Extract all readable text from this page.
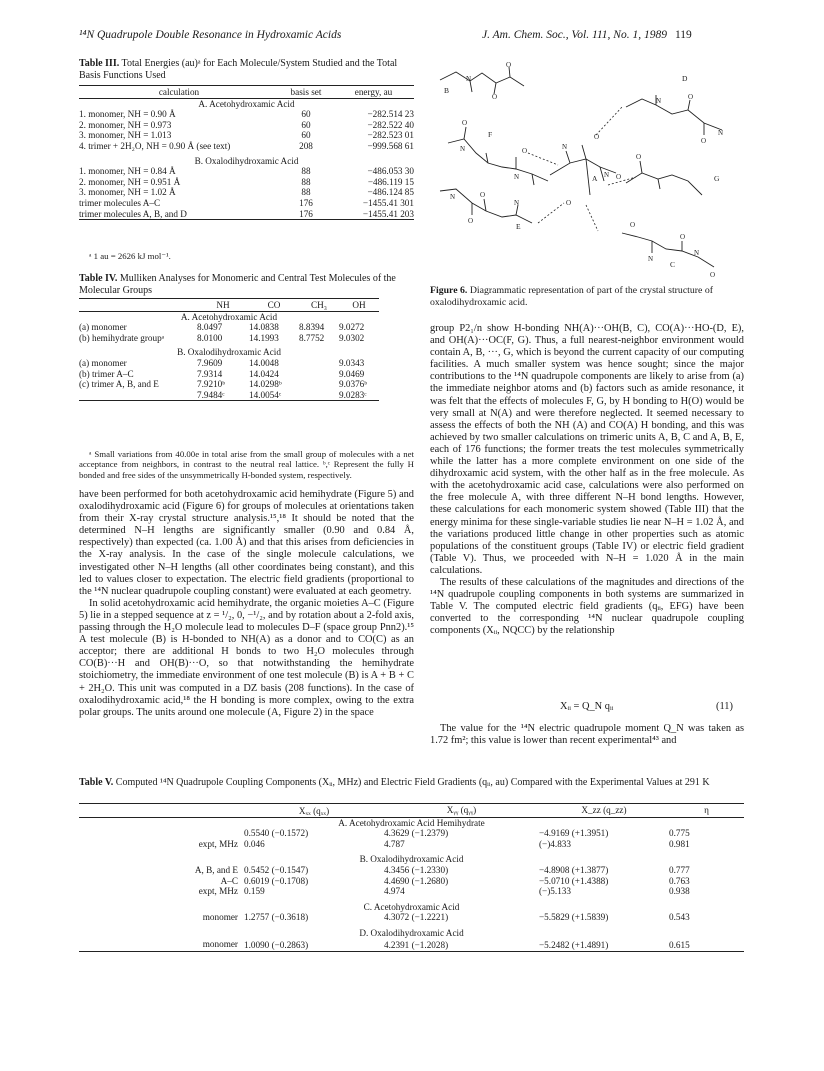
¹⁴N Quadrupole Double Resonance in Hydroxamic Acids	J. Am. Chem. Soc., Vol. 111, No. 1, 1989 119
Table III. Total Energies (au)ᵃ for Each Molecule/System Studied and the Total Basis Functions Used
calculation	basis set	energy, au
A. Acetohydroxamic Acid		
1. monomer, NH = 0.90 Å	60	−282.514 23
2. monomer, NH = 0.973	60	−282.522 40
3. monomer, NH = 1.013	60	−282.523 01
4. trimer + 2H₂O, NH = 0.90 Å (see text)	208	−999.568 61
B. Oxalodihydroxamic Acid		
1. monomer, NH = 0.84 Å	88	−486.053 30
2. monomer, NH = 0.951 Å	88	−486.119 15
3. monomer, NH = 1.02 Å	88	−486.124 85
trimer molecules A–C	176	−1455.41 301
trimer molecules A, B, and D	176	−1455.41 203
ᵃ 1 au = 2626 kJ mol⁻¹.
Table IV. Mulliken Analyses for Monomeric and Central Test Molecules of the Molecular Groups
	NH	CO	CH₃	OH
A. Acetohydroxamic Acid				
(a) monomer	8.0497	14.0838	8.8394	9.0272
(b) hemihydrate groupᵃ	8.0100	14.1993	8.7752	9.0302
B. Oxalodihydroxamic Acid				
(a) monomer	7.9609	14.0048		9.0343
(b) trimer A–C	7.9314	14.0424		9.0469
(c) trimer A, B, and E	7.9210ᵇ	14.0298ᵇ		9.0376ᵇ
	7.9484ᶜ	14.0054ᶜ		9.0283ᶜ
ᵃ Small variations from 40.00e in total arise from the small group of molecules with a net acceptance from neighbors, in contrast to the neutral real lattice. ᵇ,ᶜ Represent the fully H bonded and free sides of the unsymmetrically H-bonded system, respectively.

have been performed for both acetohydroxamic acid hemihydrate (Figure 5) and oxalodihydroxamic acid (Figure 6) for groups of molecules at orientations taken from their X-ray crystal structure analysis.¹⁵,¹⁸ It should be noted that the determined N–H lengths are significantly smaller (0.90 and 0.84 Å, respectively) than expected (ca. 1.00 Å) and that this arises from deficiencies in the X-ray analysis. In the case of the single molecule calculations, we investigated other N–H lengths (all other coordinates being constant), and this led to values closer to expectation. The electric field gradients (proportional to the ¹⁴N nuclear quadrupole coupling constant) were evaluated at each geometry.

In solid acetohydroxamic acid hemihydrate, the organic moieties A–C (Figure 5) lie in a stepped sequence at z = ¹/₂, 0, −¹/₂, and by rotation about a 2-fold axis, passing through the H₂O molecule lead to molecules D–F (space group Pnn2).¹⁵ A test molecule (B) is H-bonded to NH(A) as a donor and to CO(C) as an acceptor; there are additional H bonds to two H₂O molecules through CO(B)···H and OH(B)···O, so that notwithstanding the hemihydrate stoichiometry, the immediate environment of one test molecule (B) is A + B + C + 2H₂O. This unit was computed in a DZ basis (208 functions). In the case of oxalodihydroxamic acid,¹⁸ the H bonding is more complex, owing to the extra polar groups. The units around one molecule (A, Figure 2) in the space

N
O
O
O
N	O
O
N
N
O
O
N
N
N O
O
N
O
O
N	O
O
N
O
O
N
B
F
A
D
G
E
C
Figure 6. Diagrammatic representation of part of the crystal structure of oxalodihydroxamic acid.

group P2₁/n show H-bonding NH(A)···OH(B, C), CO(A)···HO-(D, E), and OH(A)···OC(F, G). Thus, a full nearest-neighbor environment would contain A, B, ···, G, which is beyond the current capacity of our computing facilities. A much smaller system was hence sought; since the major contributions to the ¹⁴N quadrupole components are likely to arise from (a) the immediate neighbor atoms and (b) factors such as amide resonance, it was felt that the effects of molecules F, G, by H bonding to H(O) would be very small at N(A) and were therefore neglected. It seemed necessary to assess the effects of both the NH (A) and CO(A) H bonding, and this was achieved by two smaller calculations on trimeric units A, B, C and A, B, E, each of 176 functions; the former treats the test molecules symmetrically while the latter has a more complete environment on one side of the dihydroxamic acid system, with the other half as in the free molecule. As with the acetohydroxamic acid case, calculations were also performed on the free molecule A, with three different N–H bond lengths. However, these calculations for each monomeric system showed (Table III) that the energy minima for these single-variable studies lie near N–H = 1.02 Å, and the variations produced little change in other properties such as atomic populations of the constituent groups (Table IV) or electric field gradient (Table V). Thus, we proceeded with N–H = 1.020 Å in the main calculations.

The results of these calculations of the magnitudes and directions of the ¹⁴N quadrupole coupling components in both systems are summarized in Table V. The computed electric field gradients (qᵢᵢ, EFG) have been converted to the corresponding ¹⁴N nuclear quadrupole coupling components (Xᵢᵢ, NQCC) by the relationship

Xᵢᵢ = Q_N qᵢᵢ	(11)

The value for the ¹⁴N electric quadrupole moment Q_N was taken as 1.72 fm²; this value is lower than recent experimental⁴³ and

Table V. Computed ¹⁴N Quadrupole Coupling Components (Xᵢᵢ, MHz) and Electric Field Gradients (qᵢᵢ, au) Compared with the Experimental Values at 291 K
	Xₓₓ (qₓₓ)	Xᵧᵧ (qᵧᵧ)	X_zz (q_zz)	η
A. Acetohydroxamic Acid Hemihydrate				
	0.5540 (−0.1572)	4.3629 (−1.2379)	−4.9169 (+1.3951)	0.775
expt, MHz	0.046	4.787	(−)4.833	0.981
B. Oxalodihydroxamic Acid				
A, B, and E	0.5452 (−0.1547)	4.3456 (−1.2330)	−4.8908 (+1.3877)	0.777
A–C	0.6019 (−0.1708)	4.4690 (−1.2680)	−5.0710 (+1.4388)	0.763
expt, MHz	0.159	4.974	(−)5.133	0.938
C. Acetohydroxamic Acid				
monomer	1.2757 (−0.3618)	4.3072 (−1.2221)	−5.5829 (+1.5839)	0.543
D. Oxalodihydroxamic Acid				
monomer	1.0090 (−0.2863)	4.2391 (−1.2028)	−5.2482 (+1.4891)	0.615
